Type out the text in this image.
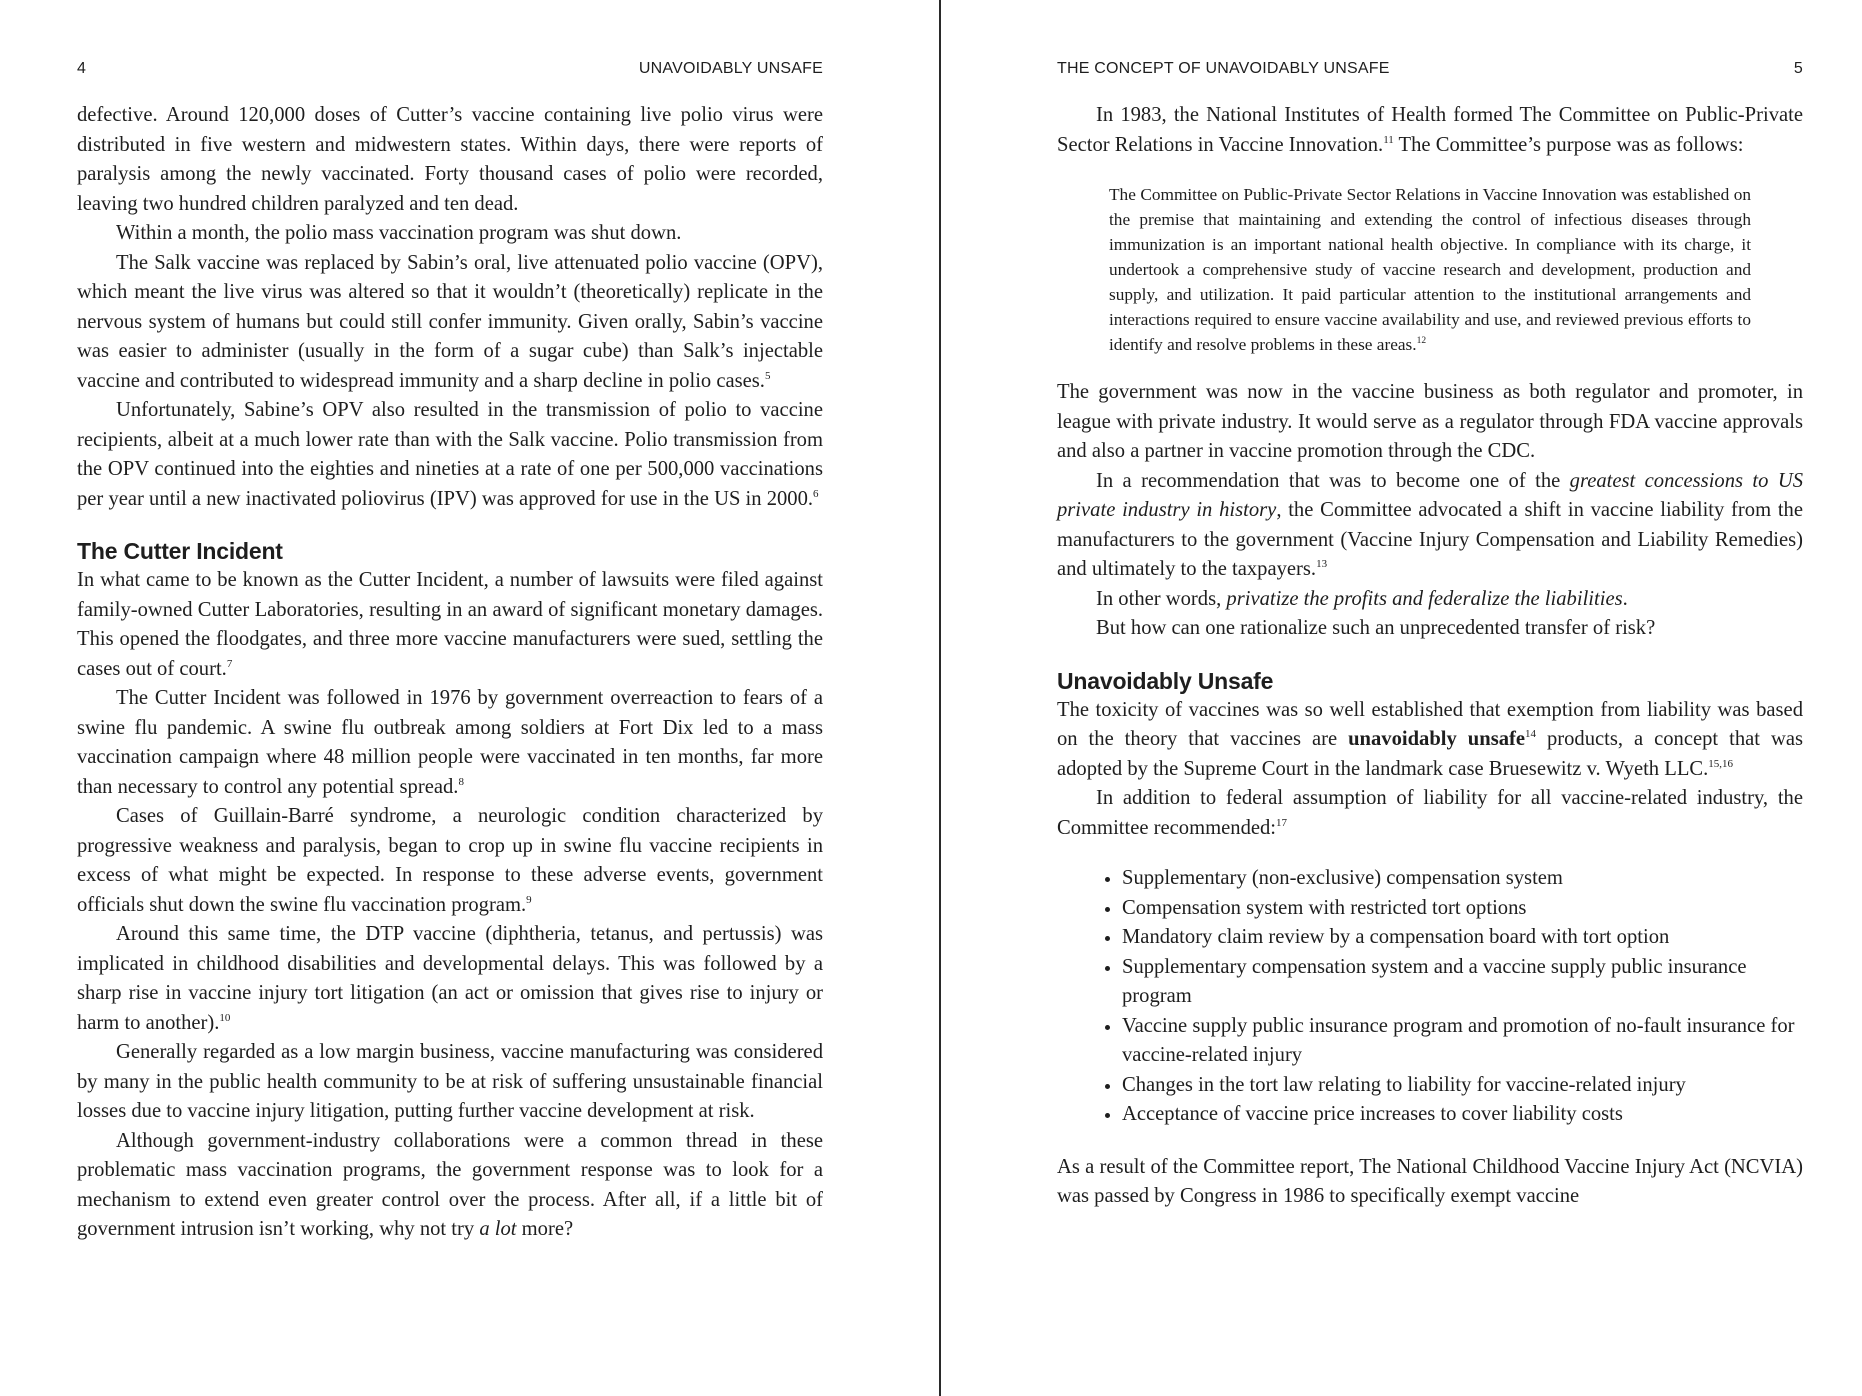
4	UNAVOIDABLY UNSAFE

defective. Around 120,000 doses of Cutter’s vaccine containing live polio virus were distributed in five western and midwestern states. Within days, there were reports of paralysis among the newly vaccinated. Forty thousand cases of polio were recorded, leaving two hundred children paralyzed and ten dead.

Within a month, the polio mass vaccination program was shut down.

The Salk vaccine was replaced by Sabin’s oral, live attenuated polio vaccine (OPV), which meant the live virus was altered so that it wouldn’t (theoretically) replicate in the nervous system of humans but could still confer immunity. Given orally, Sabin’s vaccine was easier to administer (usually in the form of a sugar cube) than Salk’s injectable vaccine and contributed to widespread immunity and a sharp decline in polio cases.$^5$

Unfortunately, Sabine’s OPV also resulted in the transmission of polio to vaccine recipients, albeit at a much lower rate than with the Salk vaccine. Polio transmission from the OPV continued into the eighties and nineties at a rate of one per 500,000 vaccinations per year until a new inactivated poliovirus (IPV) was approved for use in the US in 2000.$^6$

The Cutter Incident

In what came to be known as the Cutter Incident, a number of lawsuits were filed against family-owned Cutter Laboratories, resulting in an award of significant monetary damages. This opened the floodgates, and three more vaccine manufacturers were sued, settling the cases out of court.$^7$

The Cutter Incident was followed in 1976 by government overreaction to fears of a swine flu pandemic. A swine flu outbreak among soldiers at Fort Dix led to a mass vaccination campaign where 48 million people were vaccinated in ten months, far more than necessary to control any potential spread.$^8$

Cases of Guillain-Barré syndrome, a neurologic condition characterized by progressive weakness and paralysis, began to crop up in swine flu vaccine recipients in excess of what might be expected. In response to these adverse events, government officials shut down the swine flu vaccination program.$^9$

Around this same time, the DTP vaccine (diphtheria, tetanus, and pertussis) was implicated in childhood disabilities and developmental delays. This was followed by a sharp rise in vaccine injury tort litigation (an act or omission that gives rise to injury or harm to another).$^{10}$

Generally regarded as a low margin business, vaccine manufacturing was considered by many in the public health community to be at risk of suffering unsustainable financial losses due to vaccine injury litigation, putting further vaccine development at risk.

Although government-industry collaborations were a common thread in these problematic mass vaccination programs, the government response was to look for a mechanism to extend even greater control over the process. After all, if a little bit of government intrusion isn’t working, why not try a lot more?

THE CONCEPT OF UNAVOIDABLY UNSAFE	5

In 1983, the National Institutes of Health formed The Committee on Public-Private Sector Relations in Vaccine Innovation.$^{11}$ The Committee’s purpose was as follows:

The Committee on Public-Private Sector Relations in Vaccine Innovation was established on the premise that maintaining and extending the control of infectious diseases through immunization is an important national health objective. In compliance with its charge, it undertook a comprehensive study of vaccine research and development, production and supply, and utilization. It paid particular attention to the institutional arrangements and interactions required to ensure vaccine availability and use, and reviewed previous efforts to identify and resolve problems in these areas.$^{12}$

The government was now in the vaccine business as both regulator and promoter, in league with private industry. It would serve as a regulator through FDA vaccine approvals and also a partner in vaccine promotion through the CDC.

In a recommendation that was to become one of the greatest concessions to US private industry in history, the Committee advocated a shift in vaccine liability from the manufacturers to the government (Vaccine Injury Compensation and Liability Remedies) and ultimately to the taxpayers.$^{13}$

In other words, privatize the profits and federalize the liabilities.

But how can one rationalize such an unprecedented transfer of risk?

Unavoidably Unsafe

The toxicity of vaccines was so well established that exemption from liability was based on the theory that vaccines are unavoidably unsafe$^{14}$ products, a concept that was adopted by the Supreme Court in the landmark case Bruesewitz v. Wyeth LLC.$^{15,16}$

In addition to federal assumption of liability for all vaccine-related industry, the Committee recommended:$^{17}$

• Supplementary (non-exclusive) compensation system
• Compensation system with restricted tort options
• Mandatory claim review by a compensation board with tort option
• Supplementary compensation system and a vaccine supply public insurance program
• Vaccine supply public insurance program and promotion of no-fault insurance for vaccine-related injury
• Changes in the tort law relating to liability for vaccine-related injury
• Acceptance of vaccine price increases to cover liability costs

As a result of the Committee report, The National Childhood Vaccine Injury Act (NCVIA) was passed by Congress in 1986 to specifically exempt vaccine
